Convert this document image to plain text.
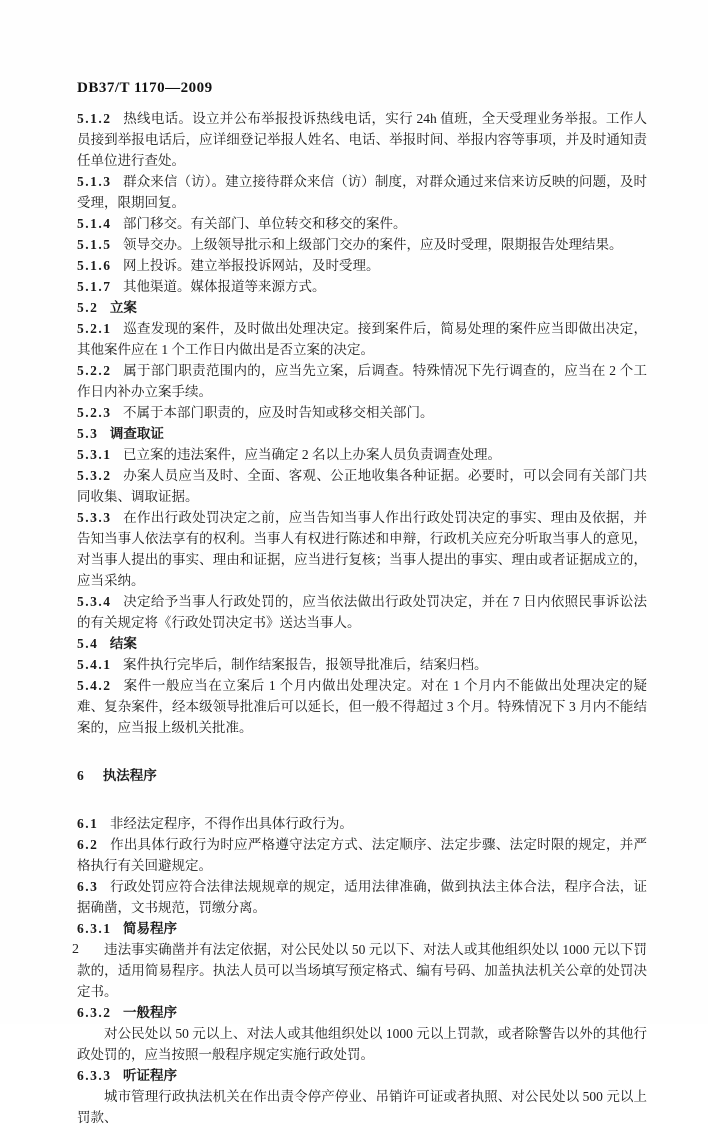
DB37/T 1170—2009

5.1.2 热线电话。设立并公布举报投诉热线电话，实行 24h 值班，全天受理业务举报。工作人员接到举报电话后，应详细登记举报人姓名、电话、举报时间、举报内容等事项，并及时通知责任单位进行查处。

5.1.3 群众来信（访）。建立接待群众来信（访）制度，对群众通过来信来访反映的问题，及时受理，限期回复。

5.1.4 部门移交。有关部门、单位转交和移交的案件。

5.1.5 领导交办。上级领导批示和上级部门交办的案件，应及时受理，限期报告处理结果。

5.1.6 网上投诉。建立举报投诉网站，及时受理。

5.1.7 其他渠道。媒体报道等来源方式。

5.2 立案

5.2.1 巡查发现的案件，及时做出处理决定。接到案件后，简易处理的案件应当即做出决定，其他案件应在 1 个工作日内做出是否立案的决定。

5.2.2 属于部门职责范围内的，应当先立案，后调查。特殊情况下先行调查的，应当在 2 个工作日内补办立案手续。

5.2.3 不属于本部门职责的，应及时告知或移交相关部门。

5.3 调查取证

5.3.1 已立案的违法案件，应当确定 2 名以上办案人员负责调查处理。

5.3.2 办案人员应当及时、全面、客观、公正地收集各种证据。必要时，可以会同有关部门共同收集、调取证据。

5.3.3 在作出行政处罚决定之前，应当告知当事人作出行政处罚决定的事实、理由及依据，并告知当事人依法享有的权利。当事人有权进行陈述和申辩，行政机关应充分听取当事人的意见，对当事人提出的事实、理由和证据，应当进行复核；当事人提出的事实、理由或者证据成立的，应当采纳。

5.3.4 决定给予当事人行政处罚的，应当依法做出行政处罚决定，并在 7 日内依照民事诉讼法的有关规定将《行政处罚决定书》送达当事人。

5.4 结案

5.4.1 案件执行完毕后，制作结案报告，报领导批准后，结案归档。

5.4.2 案件一般应当在立案后 1 个月内做出处理决定。对在 1 个月内不能做出处理决定的疑难、复杂案件，经本级领导批准后可以延长，但一般不得超过 3 个月。特殊情况下 3 月内不能结案的，应当报上级机关批准。

6 执法程序

6.1 非经法定程序，不得作出具体行政行为。

6.2 作出具体行政行为时应严格遵守法定方式、法定顺序、法定步骤、法定时限的规定，并严格执行有关回避规定。

6.3 行政处罚应符合法律法规规章的规定，适用法律准确，做到执法主体合法，程序合法，证据确凿，文书规范，罚缴分离。

6.3.1 简易程序

违法事实确凿并有法定依据，对公民处以 50 元以下、对法人或其他组织处以 1000 元以下罚款的，适用简易程序。执法人员可以当场填写预定格式、编有号码、加盖执法机关公章的处罚决定书。

6.3.2 一般程序

对公民处以 50 元以上、对法人或其他组织处以 1000 元以上罚款，或者除警告以外的其他行政处罚的，应当按照一般程序规定实施行政处罚。

6.3.3 听证程序

城市管理行政执法机关在作出责令停产停业、吊销许可证或者执照、对公民处以 500 元以上罚款、

2
